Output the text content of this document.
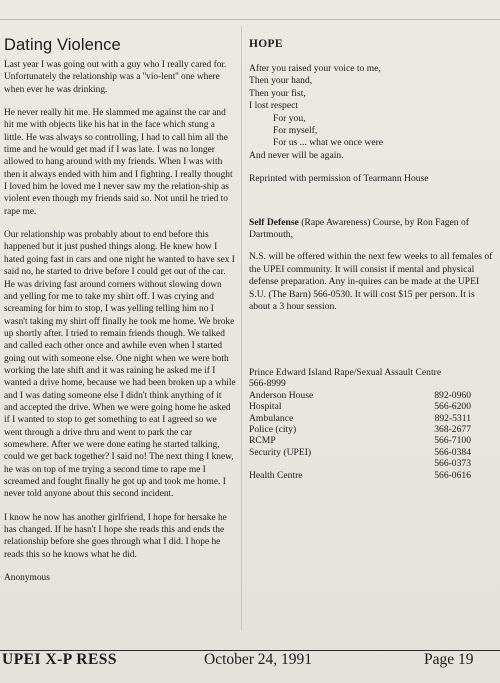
Dating Violence

Last year I was going out with a guy who I really cared for. Unfortunately the relationship was a ''vio-lent'' one where when ever he was drinking.

He never really hit me. He slammed me against the car and hit me with objects like his hat in the face which stung a little. He was always so controlling, I had to call him all the time and he would get mad if I was late. I was no longer allowed to hang around with my friends. When I was with then it always ended with him and I fighting. I really thought I loved him he loved me I never saw my the relation-ship as violent even though my friends said so. Not until he tried to rape me.

Our relationship was probably about to end before this happened but it just pushed things along. He knew how I hated going fast in cars and one night he wanted to have sex I said no, he started to drive before I could get out of the car. He was driving fast around corners without slowing down and yelling for me to take my shirt off. I was crying and screaming for him to stop, I was yelling telling him no I wasn't taking my shirt off finally he took me home. We broke up shortly after. I tried to remain friends though. We talked and called each other once and awhile even when I started going out with someone else. One night when we were both working the late shift and it was raining he asked me if I wanted a drive home, because we had been broken up a while and I was dating someone else I didn't think anything of it and accepted the drive. When we were going home he asked if I wanted to stop to get something to eat I agreed so we went through a drive thru and went to park the car somewhere. After we were done eating he started talking, could we get back together? I said no! The next thing I knew, he was on top of me trying a second time to rape me I screamed and fought finally he got up and took me home. I never told anyone about this second incident.

I know he now has another girlfriend, I hope for hersake he has changed. If he hasn't I hope she reads this and ends the relationship before she goes through what I did. I hope he reads this so he knows what he did.

Anonymous
HOPE
After you raised your voice to me,
Then your hand,
Then your fist,
I lost respect
For you,
For myself,
For us ... what we once were
And never will be again.

Reprinted with permission of Tearmann House

Self Defense (Rape Awareness) Course, by Ron Fagen of Dartmouth,

N.S. will be offered within the next few weeks to all females of the UPEI community. It will consist if mental and physical defense preparation. Any in-quires can be made at the UPEI S.U. (The Barn) 566-0530. It will cost $15 per person. It is about a 3 hour session.

Prince Edward Island Rape/Sexual Assault Centre
566-8999
Anderson House	892-0960
Hospital	566-6200
Ambulance	892-5311
Police (city)	368-2677
RCMP	566-7100
Security (UPEI)	566-0384
566-0373
Health Centre	566-0616
UPEI X-P RESS	October 24, 1991	Page 19
